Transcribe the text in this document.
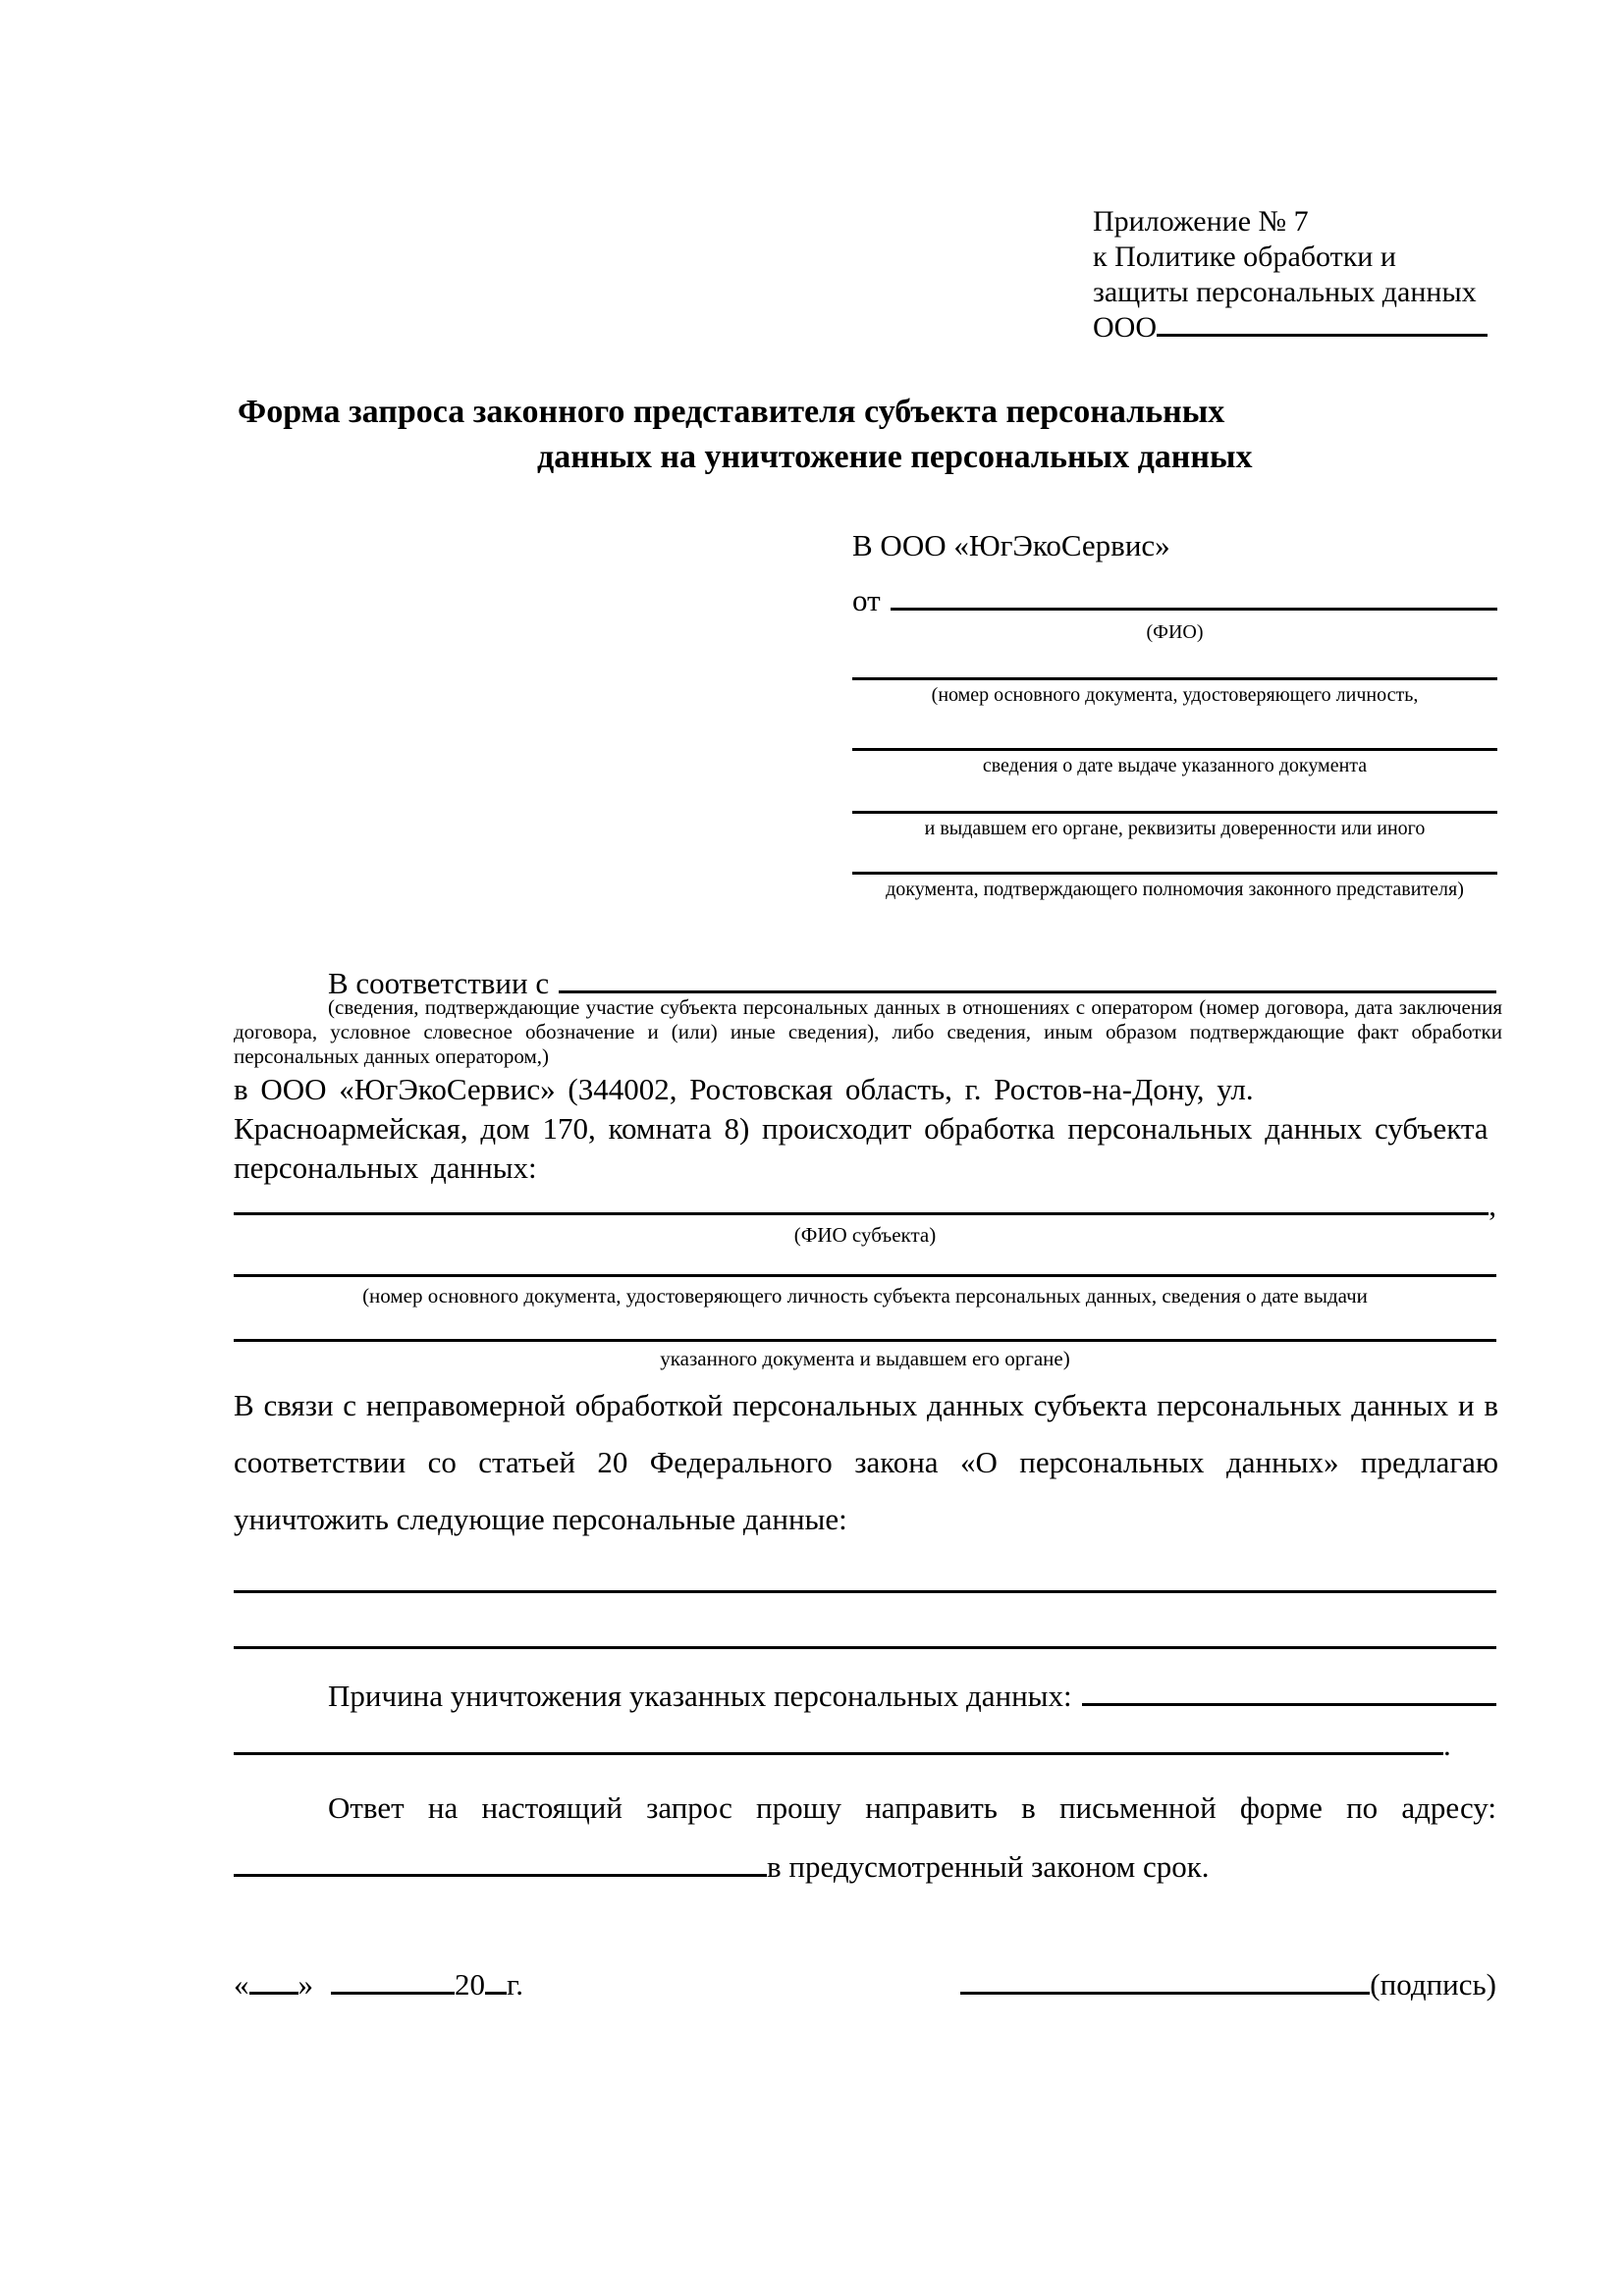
Приложение № 7
к Политике обработки и
защиты персональных данных
ООО
Форма запроса законного представителя субъекта персональных
данных на уничтожение персональных данных
В ООО «ЮгЭкоСервис»
от
(ФИО)
(номер основного документа, удостоверяющего личность,
сведения о дате выдаче указанного документа
и выдавшем его органе, реквизиты доверенности или иного
документа, подтверждающего полномочия законного представителя)
В соответствии с
(сведения, подтверждающие участие субъекта персональных данных в отношениях с оператором (номер договора, дата заключения договора, условное словесное обозначение и (или) иные сведения), либо сведения, иным образом подтверждающие факт обработки персональных данных оператором,)
в ООО «ЮгЭкоСервис» (344002, Ростовская область, г. Ростов-на-Дону, ул. Красноармейская, дом 170, комната 8) происходит обработка персональных данных субъекта персональных данных:
,
(ФИО субъекта)
(номер основного документа, удостоверяющего личность субъекта персональных данных, сведения о дате выдачи
указанного документа и выдавшем его органе)
В связи с неправомерной обработкой персональных данных субъекта персональных данных и в соответствии со статьей 20 Федерального закона «О персональных данных» предлагаю уничтожить следующие персональные данные:
Причина уничтожения указанных персональных данных:
.
Ответ на настоящий запрос прошу направить в письменной форме по адресу:
в предусмотренный законом срок.
« »	20 г.	(подпись)
